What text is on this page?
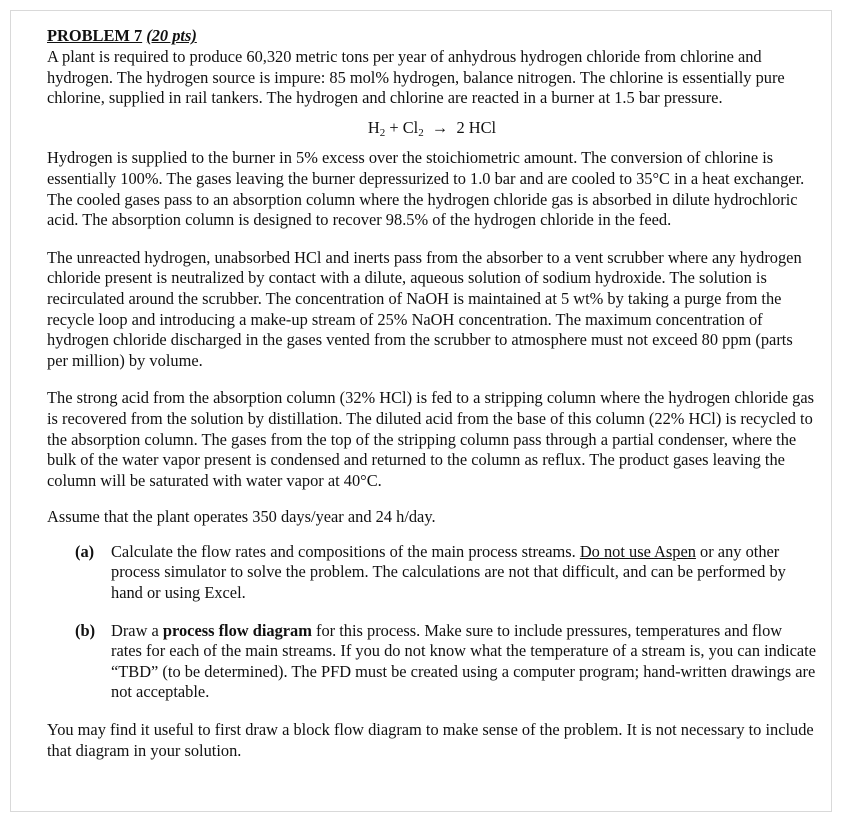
PROBLEM 7 (20 pts)

A plant is required to produce 60,320 metric tons per year of anhydrous hydrogen chloride from chlorine and hydrogen. The hydrogen source is impure: 85 mol% hydrogen, balance nitrogen. The chlorine is essentially pure chlorine, supplied in rail tankers. The hydrogen and chlorine are reacted in a burner at 1.5 bar pressure.

$H_2 + Cl_2 \to 2$ HCl

Hydrogen is supplied to the burner in 5% excess over the stoichiometric amount. The conversion of chlorine is essentially 100%. The gases leaving the burner depressurized to 1.0 bar and are cooled to 35°C in a heat exchanger. The cooled gases pass to an absorption column where the hydrogen chloride gas is absorbed in dilute hydrochloric acid. The absorption column is designed to recover 98.5% of the hydrogen chloride in the feed.

The unreacted hydrogen, unabsorbed HCl and inerts pass from the absorber to a vent scrubber where any hydrogen chloride present is neutralized by contact with a dilute, aqueous solution of sodium hydroxide. The solution is recirculated around the scrubber. The concentration of NaOH is maintained at 5 wt% by taking a purge from the recycle loop and introducing a make-up stream of 25% NaOH concentration. The maximum concentration of hydrogen chloride discharged in the gases vented from the scrubber to atmosphere must not exceed 80 ppm (parts per million) by volume.

The strong acid from the absorption column (32% HCl) is fed to a stripping column where the hydrogen chloride gas is recovered from the solution by distillation. The diluted acid from the base of this column (22% HCl) is recycled to the absorption column. The gases from the top of the stripping column pass through a partial condenser, where the bulk of the water vapor present is condensed and returned to the column as reflux. The product gases leaving the column will be saturated with water vapor at 40°C.

Assume that the plant operates 350 days/year and 24 h/day.

(a) Calculate the flow rates and compositions of the main process streams. Do not use Aspen or any other process simulator to solve the problem. The calculations are not that difficult, and can be performed by hand or using Excel.
(b) Draw a process flow diagram for this process. Make sure to include pressures, temperatures and flow rates for each of the main streams. If you do not know what the temperature of a stream is, you can indicate “TBD” (to be determined). The PFD must be created using a computer program; hand-written drawings are not acceptable.

You may find it useful to first draw a block flow diagram to make sense of the problem. It is not necessary to include that diagram in your solution.
